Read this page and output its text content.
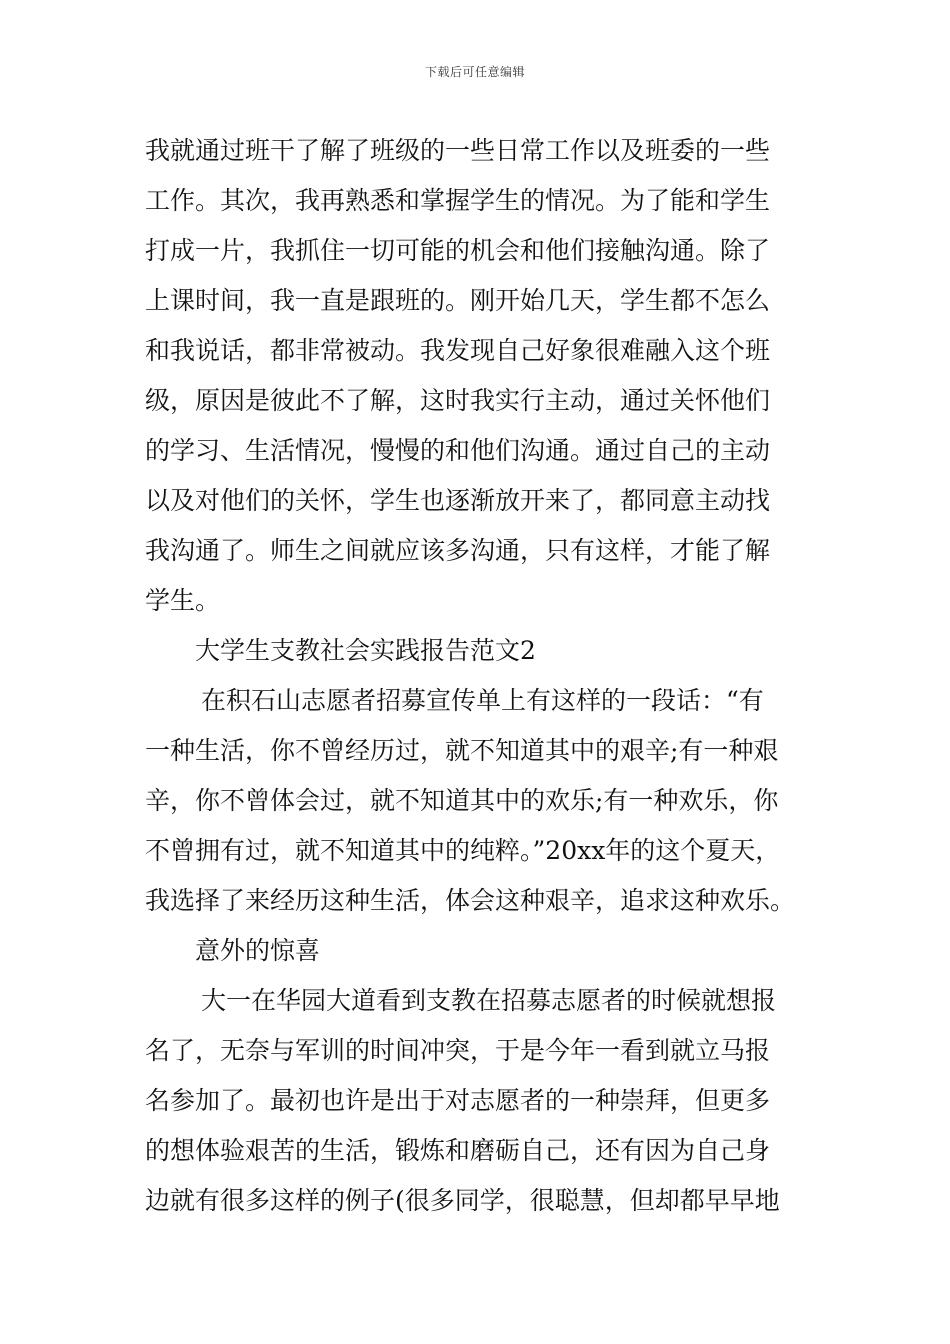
下载后可任意编辑
我就通过班干了解了班级的一些日常工作以及班委的一些
工作。其次，我再熟悉和掌握学生的情况。为了能和学生
打成一片，我抓住一切可能的机会和他们接触沟通。除了
上课时间，我一直是跟班的。刚开始几天，学生都不怎么
和我说话，都非常被动。我发现自己好象很难融入这个班
级，原因是彼此不了解，这时我实行主动，通过关怀他们
的学习、生活情况，慢慢的和他们沟通。通过自己的主动
以及对他们的关怀，学生也逐渐放开来了，都同意主动找
我沟通了。师生之间就应该多沟通，只有这样，才能了解
学生。
大学生支教社会实践报告范文2
在积石山志愿者招募宣传单上有这样的一段话：“有
一种生活，你不曾经历过，就不知道其中的艰辛;有一种艰
辛，你不曾体会过，就不知道其中的欢乐;有一种欢乐，你
不曾拥有过，就不知道其中的纯粹。”20xx年的这个夏天，
我选择了来经历这种生活，体会这种艰辛，追求这种欢乐。
意外的惊喜
大一在华园大道看到支教在招募志愿者的时候就想报
名了，无奈与军训的时间冲突，于是今年一看到就立马报
名参加了。最初也许是出于对志愿者的一种崇拜，但更多
的想体验艰苦的生活，锻炼和磨砺自己，还有因为自己身
边就有很多这样的例子(很多同学，很聪慧，但却都早早地
